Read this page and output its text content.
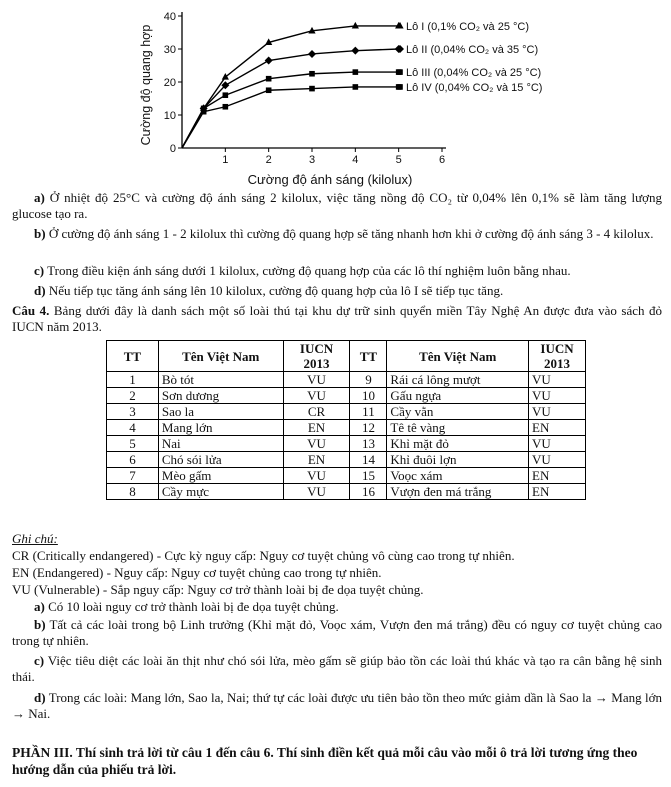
1	2	3	4	5	6
0
10
20
30
40
Lô I (0,1% CO₂ và 25 °C)
Lô II (0,04% CO₂ và 35 °C)
Lô III (0,04% CO₂ và 25 °C)
Lô IV (0,04% CO₂ và 15 °C)
Cường độ quang hợp
Cường độ ánh sáng (kilolux)
a) Ở nhiệt độ 25°C và cường độ ánh sáng 2 kilolux, việc tăng nồng độ CO₂ từ 0,04% lên 0,1% sẽ làm tăng lượng glucose tạo ra.
b) Ở cường độ ánh sáng 1 - 2 kilolux thì cường độ quang hợp sẽ tăng nhanh hơn khi ở cường độ ánh sáng 3 - 4 kilolux.
c) Trong điều kiện ánh sáng dưới 1 kilolux, cường độ quang hợp của các lô thí nghiệm luôn bằng nhau.
d) Nếu tiếp tục tăng ánh sáng lên 10 kilolux, cường độ quang hợp của lô I sẽ tiếp tục tăng.
Câu 4. Bảng dưới đây là danh sách một số loài thú tại khu dự trữ sinh quyển miền Tây Nghệ An được đưa vào sách đỏ IUCN năm 2013.
TT	Tên Việt Nam	IUCN 2013	TT	Tên Việt Nam	IUCN 2013
1	Bò tót	VU	9	Rái cá lông mượt	VU
2	Sơn dương	VU	10	Gấu ngựa	VU
3	Sao la	CR	11	Cầy vằn	VU
4	Mang lớn	EN	12	Tê tê vàng	EN
5	Nai	VU	13	Khỉ mặt đỏ	VU
6	Chó sói lửa	EN	14	Khỉ đuôi lợn	VU
7	Mèo gấm	VU	15	Voọc xám	EN
8	Cầy mực	VU	16	Vượn đen má trắng	EN
Ghi chú:
CR (Critically endangered) - Cực kỳ nguy cấp: Nguy cơ tuyệt chủng vô cùng cao trong tự nhiên.
EN (Endangered) - Nguy cấp: Nguy cơ tuyệt chủng cao trong tự nhiên.
VU (Vulnerable) - Sắp nguy cấp: Nguy cơ trở thành loài bị đe dọa tuyệt chủng.
a) Có 10 loài nguy cơ trở thành loài bị đe dọa tuyệt chủng.
b) Tất cả các loài trong bộ Linh trưởng (Khỉ mặt đỏ, Voọc xám, Vượn đen má trắng) đều có nguy cơ tuyệt chủng cao trong tự nhiên.
c) Việc tiêu diệt các loài ăn thịt như chó sói lửa, mèo gấm sẽ giúp bảo tồn các loài thú khác và tạo ra cân bằng hệ sinh thái.
d) Trong các loài: Mang lớn, Sao la, Nai; thứ tự các loài được ưu tiên bảo tồn theo mức giảm dần là Sao la → Mang lớn → Nai.
PHẦN III. Thí sinh trả lời từ câu 1 đến câu 6. Thí sinh điền kết quả mỗi câu vào mỗi ô trả lời tương ứng theo hướng dẫn của phiếu trả lời.
